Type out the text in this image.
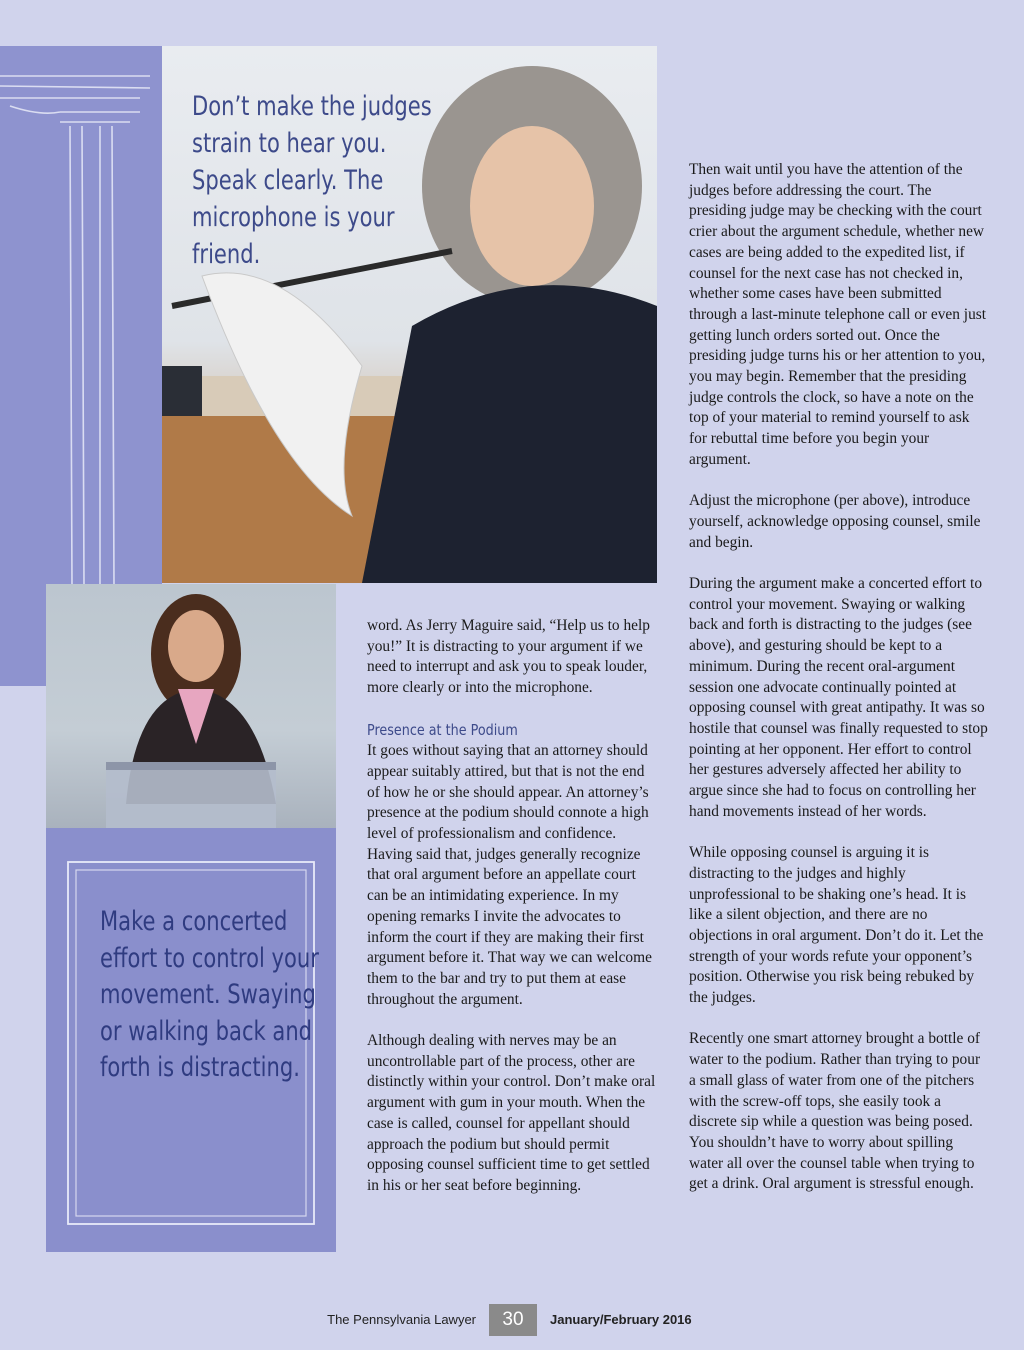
Don’t make the judges strain to hear you. Speak clearly. The microphone is your friend.
Make a concerted effort to control your movement. Swaying or walking back and forth is distracting.

word. As Jerry Maguire said, “Help us to help you!” It is distracting to your argument if we need to interrupt and ask you to speak louder, more clearly or into the microphone.

Presence at the Podium

It goes without saying that an attorney should appear suitably attired, but that is not the end of how he or she should appear. An attorney’s presence at the podium should connote a high level of professionalism and confidence. Having said that, judges generally recognize that oral argument before an appellate court can be an intimidating experience. In my opening remarks I invite the advocates to inform the court if they are making their first argument before it. That way we can welcome them to the bar and try to put them at ease throughout the argument.

Although dealing with nerves may be an uncontrollable part of the process, other are distinctly within your control. Don’t make oral argument with gum in your mouth. When the case is called, counsel for appellant should approach the podium but should permit opposing counsel sufficient time to get settled in his or her seat before beginning.

Then wait until you have the attention of the judges before addressing the court. The presiding judge may be checking with the court crier about the argument schedule, whether new cases are being added to the expedited list, if counsel for the next case has not checked in, whether some cases have been submitted through a last-minute telephone call or even just getting lunch orders sorted out. Once the presiding judge turns his or her attention to you, you may begin. Remember that the presiding judge controls the clock, so have a note on the top of your material to remind yourself to ask for rebuttal time before you begin your argument.

Adjust the microphone (per above), introduce yourself, acknowledge opposing counsel, smile and begin.

During the argument make a concerted effort to control your movement. Swaying or walking back and forth is distracting to the judges (see above), and gesturing should be kept to a minimum. During the recent oral-argument session one advocate continually pointed at opposing counsel with great antipathy. It was so hostile that counsel was finally requested to stop pointing at her opponent. Her effort to control her gestures adversely affected her ability to argue since she had to focus on controlling her hand movements instead of her words.

While opposing counsel is arguing it is distracting to the judges and highly unprofessional to be shaking one’s head. It is like a silent objection, and there are no objections in oral argument. Don’t do it. Let the strength of your words refute your opponent’s position. Otherwise you risk being rebuked by the judges.

Recently one smart attorney brought a bottle of water to the podium. Rather than trying to pour a small glass of water from one of the pitchers with the screw-off tops, she easily took a discrete sip while a question was being posed. You shouldn’t have to worry about spilling water all over the counsel table when trying to get a drink. Oral argument is stressful enough.

The Pennsylvania Lawyer	30	January/February 2016
